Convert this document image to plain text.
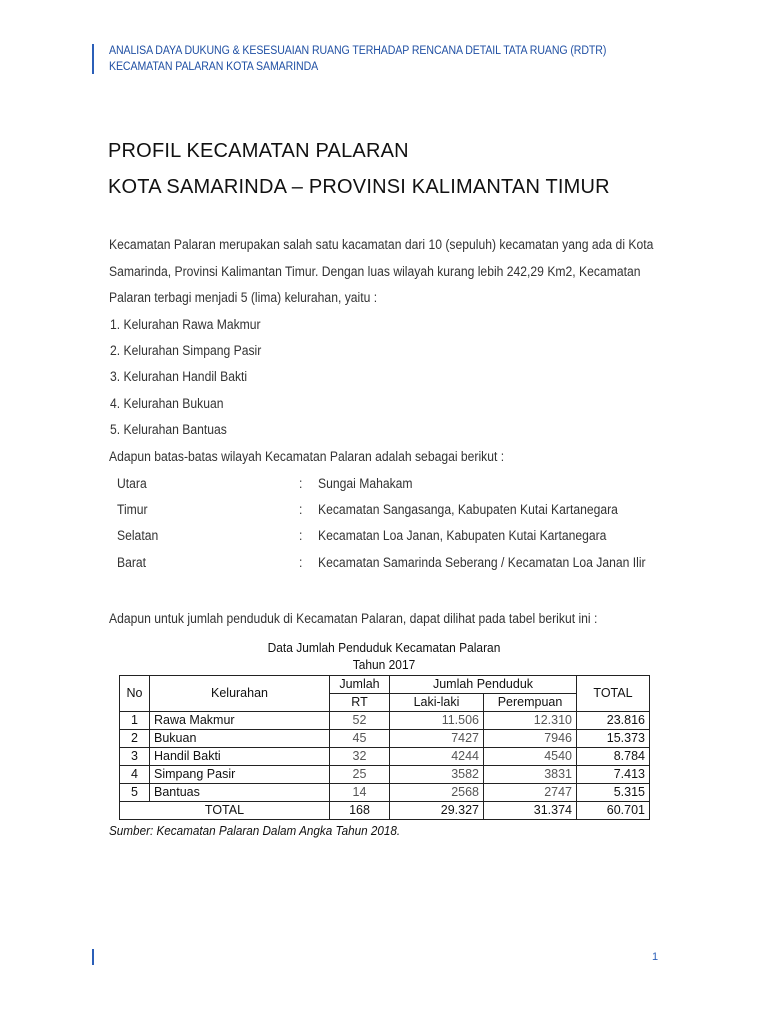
ANALISA DAYA DUKUNG & KESESUAIAN RUANG TERHADAP RENCANA DETAIL TATA RUANG (RDTR) KECAMATAN PALARAN KOTA SAMARINDA
PROFIL KECAMATAN PALARAN
KOTA SAMARINDA – PROVINSI KALIMANTAN TIMUR
Kecamatan Palaran merupakan salah satu kacamatan dari 10 (sepuluh) kecamatan yang ada di Kota
Samarinda, Provinsi Kalimantan Timur. Dengan luas wilayah kurang lebih 242,29 Km2, Kecamatan
Palaran terbagi menjadi 5 (lima) kelurahan, yaitu :
1. Kelurahan Rawa Makmur
2. Kelurahan Simpang Pasir
3. Kelurahan Handil Bakti
4. Kelurahan Bukuan
5. Kelurahan Bantuas
Adapun batas-batas wilayah Kecamatan Palaran adalah sebagai berikut :
Utara	: Sungai Mahakam
Timur	: Kecamatan Sangasanga, Kabupaten Kutai Kartanegara
Selatan	: Kecamatan Loa Janan, Kabupaten Kutai Kartanegara
Barat	: Kecamatan Samarinda Seberang / Kecamatan Loa Janan Ilir
Adapun untuk jumlah penduduk di Kecamatan Palaran, dapat dilihat pada tabel berikut ini :
Data Jumlah Penduduk Kecamatan Palaran
Tahun 2017
No	Kelurahan	Jumlah	Jumlah Penduduk		TOTAL
		RT	Laki-laki	Perempuan	
1	Rawa Makmur	52	11.506	12.310	23.816
2	Bukuan	45	7427	7946	15.373
3	Handil Bakti	32	4244	4540	8.784
4	Simpang Pasir	25	3582	3831	7.413
5	Bantuas	14	2568	2747	5.315
TOTAL		168	29.327	31.374	60.701
Sumber: Kecamatan Palaran Dalam Angka Tahun 2018.
1
